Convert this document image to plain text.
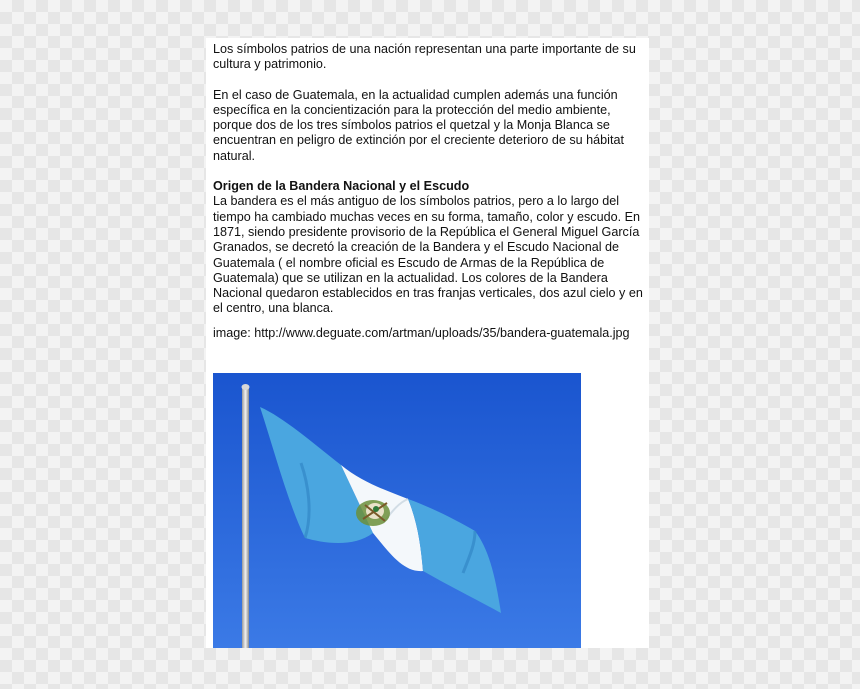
Los símbolos patrios de una nación representan una parte importante de su cultura y patrimonio.

En el caso de Guatemala, en la actualidad cumplen además una función específica en la concientización para la protección del medio ambiente, porque dos de los tres símbolos patrios el quetzal y la Monja Blanca se encuentran en peligro de extinción por el creciente deterioro de su hábitat natural.

Origen de la Bandera Nacional y el Escudo

La bandera es el más antiguo de los símbolos patrios, pero a lo largo del tiempo ha cambiado muchas veces en su forma, tamaño, color y escudo. En 1871, siendo presidente provisorio de la República el General Miguel García Granados, se decretó la creación de la Bandera y el Escudo Nacional de Guatemala ( el nombre oficial es Escudo de Armas de la República de Guatemala) que se utilizan en la actualidad. Los colores de la Bandera Nacional quedaron establecidos en tras franjas verticales, dos azul cielo y en el centro, una blanca.

image: http://www.deguate.com/artman/uploads/35/bandera-guatemala.jpg
